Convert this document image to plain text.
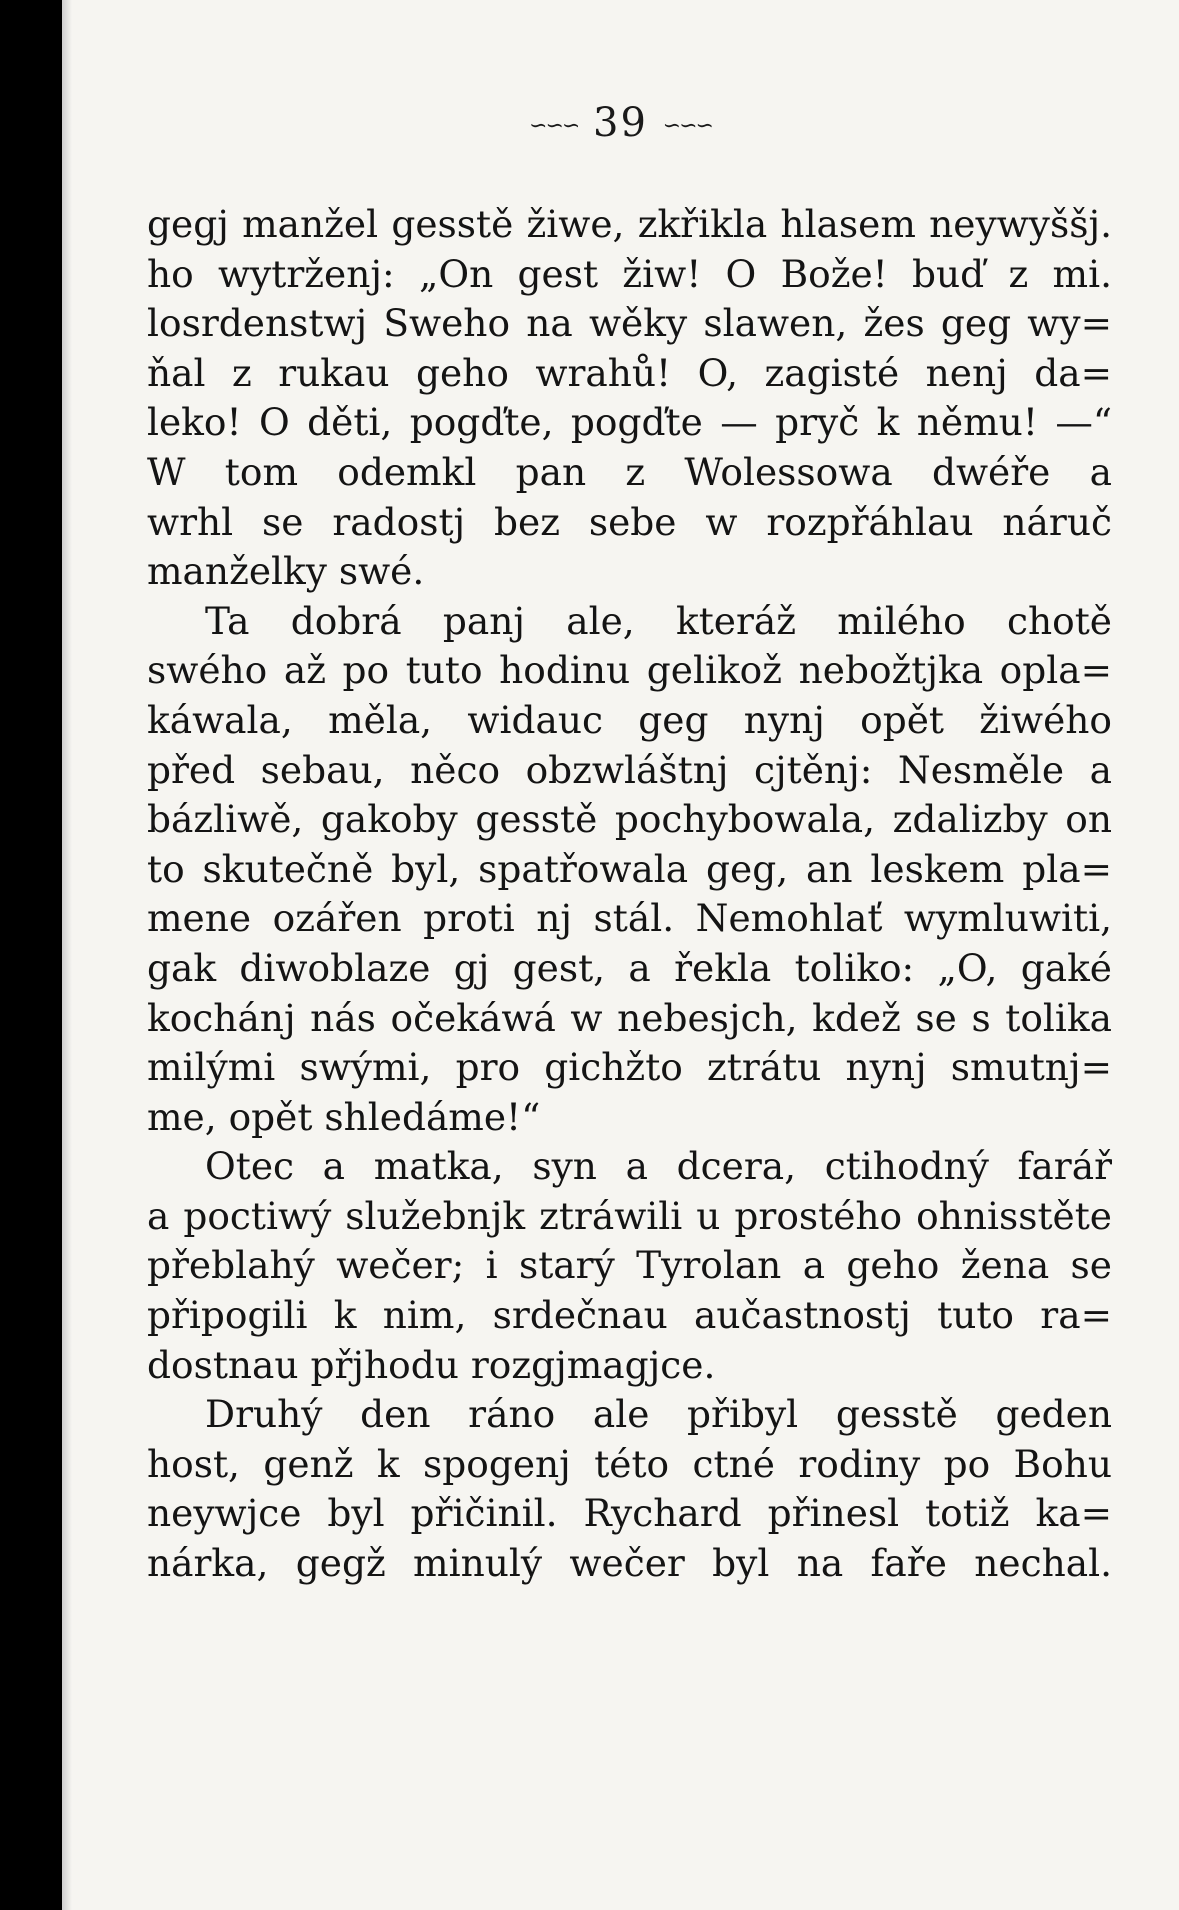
∽∽∽ 39 ∽∽∽
gegj manžel gesstě žiwe, zkřikla hlasem neywyššj.
ho wytrženj: „On gest žiw! O Bože! buď z mi.
losrdenstwj Sweho na wěky slawen, žes geg wy=
ňal z rukau geho wrahů! O, zagisté nenj da=
leko! O děti, pogďte, pogďte — pryč k němu! —“
W tom odemkl pan z Wolessowa dwéře a
wrhl se radostj bez sebe w rozpřáhlau náruč
manželky swé.
Ta dobrá panj ale, kteráž milého chotě
swého až po tuto hodinu gelikož nebožtjka opla=
káwala, měla, widauc geg nynj opět žiwého
před sebau, něco obzwláštnj cjtěnj: Nesměle a
bázliwě, gakoby gesstě pochybowala, zdalizby on
to skutečně byl, spatřowala geg, an leskem pla=
mene ozářen proti nj stál. Nemohlať wymluwiti,
gak diwoblaze gj gest, a řekla toliko: „O, gaké
kochánj nás očekáwá w nebesjch, kdež se s tolika
milými swými, pro gichžto ztrátu nynj smutnj=
me, opět shledáme!“
Otec a matka, syn a dcera, ctihodný farář
a poctiwý služebnjk ztráwili u prostého ohnisstěte
přeblahý wečer; i starý Tyrolan a geho žena se
připogili k nim, srdečnau aučastnostj tuto ra=
dostnau přjhodu rozgjmagjce.
Druhý den ráno ale přibyl gesstě geden
host, genž k spogenj této ctné rodiny po Bohu
neywjce byl přičinil. Rychard přinesl totiž ka=
nárka, gegž minulý wečer byl na faře nechal.
